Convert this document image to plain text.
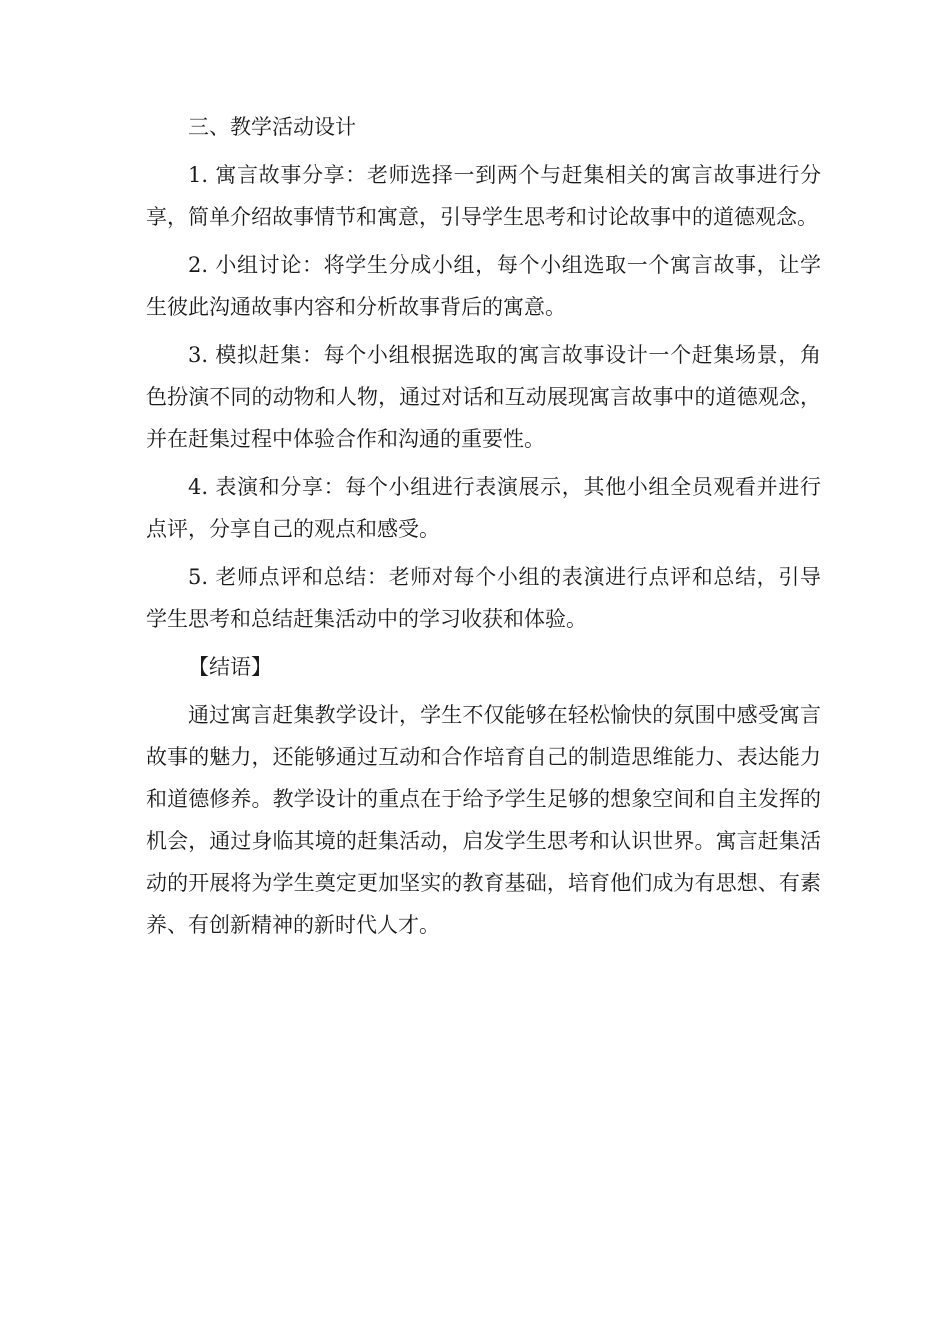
三、教学活动设计

1. 寓言故事分享：老师选择一到两个与赶集相关的寓言故事进行分享，简单介绍故事情节和寓意，引导学生思考和讨论故事中的道德观念。

2. 小组讨论：将学生分成小组，每个小组选取一个寓言故事，让学生彼此沟通故事内容和分析故事背后的寓意。

3. 模拟赶集：每个小组根据选取的寓言故事设计一个赶集场景，角色扮演不同的动物和人物，通过对话和互动展现寓言故事中的道德观念，并在赶集过程中体验合作和沟通的重要性。

4. 表演和分享：每个小组进行表演展示，其他小组全员观看并进行点评，分享自己的观点和感受。

5. 老师点评和总结：老师对每个小组的表演进行点评和总结，引导学生思考和总结赶集活动中的学习收获和体验。

【结语】

通过寓言赶集教学设计，学生不仅能够在轻松愉快的氛围中感受寓言故事的魅力，还能够通过互动和合作培育自己的制造思维能力、表达能力和道德修养。教学设计的重点在于给予学生足够的想象空间和自主发挥的机会，通过身临其境的赶集活动，启发学生思考和认识世界。寓言赶集活动的开展将为学生奠定更加坚实的教育基础，培育他们成为有思想、有素养、有创新精神的新时代人才。
